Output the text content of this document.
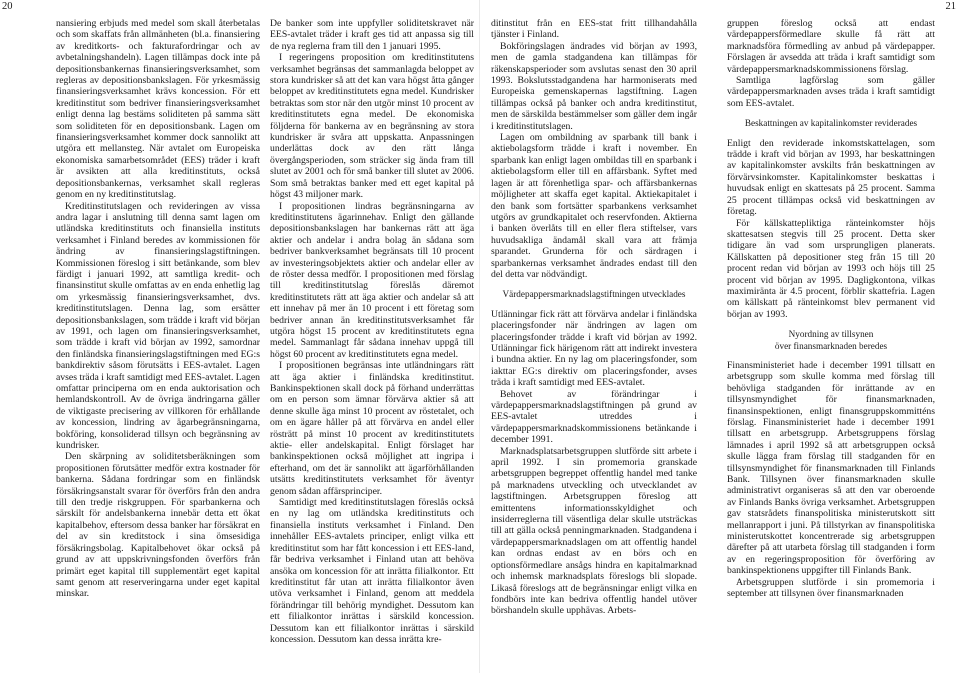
20

nansiering erbjuds med medel som skall återbetalas och som skaffats från allmänheten (bl.a. finansiering av kreditkorts- och fakturafordringar och av avbetalningshandeln). Lagen tillämpas dock inte på depositionsbankernas finansieringsverksamhet, som regleras av depositionsbankslagen. För yrkesmässig finansieringsverksamhet krävs koncession. För ett kreditinstitut som bedriver finansieringsverksamhet enligt denna lag bestäms soliditeten på samma sätt som soliditeten för en depositionsbank. Lagen om finansieringsverksamhet kommer dock sannolikt att utgöra ett mellansteg. När avtalet om Europeiska ekonomiska samarbetsområdet (EES) träder i kraft är avsikten att alla kreditinstituts, också depositionsbankernas, verksamhet skall regleras genom en ny kreditinstitutslag.

Kreditinstitutslagen och revideringen av vissa andra lagar i anslutning till denna samt lagen om utländska kreditinstituts och finansiella instituts verksamhet i Finland beredes av kommissionen för ändring av finansieringslagstiftningen. Kommissionen föreslog i sitt betänkande, som blev färdigt i januari 1992, att samtliga kredit- och finansinstitut skulle omfattas av en enda enhetlig lag om yrkesmässig finansieringsverksamhet, dvs. kreditinstitutslagen. Denna lag, som ersätter depositionsbankslagen, som trädde i kraft vid början av 1991, och lagen om finansieringsverksamhet, som trädde i kraft vid början av 1992, samordnar den finländska finansieringslagstiftningen med EG:s bankdirektiv såsom förutsätts i EES-avtalet. Lagen avses träda i kraft samtidigt med EES-avtalet. Lagen omfattar principerna om en enda auktorisation och hemlandskontroll. Av de övriga ändringarna gäller de viktigaste precisering av villkoren för erhållande av koncession, lindring av ägarbegränsningarna, bokföring, konsoliderad tillsyn och begränsning av kundrisker.

Den skärpning av soliditetsberäkningen som propositionen förutsätter medför extra kostnader för bankerna. Sådana fordringar som en finländsk försäkringsanstalt svarar för överförs från den andra till den tredje riskgruppen. För sparbankerna och särskilt för andelsbankerna innebär detta ett ökat kapitalbehov, eftersom dessa banker har försäkrat en del av sin kreditstock i sina ömsesidiga försäkringsbolag. Kapitalbehovet ökar också på grund av att uppskrivningsfonden överförs från primärt eget kapital till supplementärt eget kapital samt genom att reserveringarna under eget kapital minskar.

De banker som inte uppfyller soliditetskravet när EES-avtalet träder i kraft ges tid att anpassa sig till de nya reglerna fram till den 1 januari 1995.

I regeringens proposition om kreditinstitutens verksamhet begränsas det sammanlagda beloppet av stora kundrisker så att det kan vara högst åtta gånger beloppet av kreditinstitutets egna medel. Kundrisker betraktas som stor när den utgör minst 10 procent av kreditinstitutets egna medel. De ekonomiska följderna för bankerna av en begränsning av stora kundrisker är svåra att uppskatta. Anpassningen underlättas dock av den rätt långa övergångsperioden, som sträcker sig ända fram till slutet av 2001 och för små banker till slutet av 2006. Som små betraktas banker med ett eget kapital på högst 43 miljoner mark.

I propositionen lindras begränsningarna av kreditinstitutens ägarinnehav. Enligt den gällande depositionsbankslagen har bankernas rätt att äga aktier och andelar i andra bolag än sådana som bedriver bankverksamhet begränsats till 10 procent av investeringsobjektets aktier och andelar eller av de röster dessa medför. I propositionen med förslag till kreditinstitutslag föreslås däremot kreditinstitutets rätt att äga aktier och andelar så att ett innehav på mer än 10 procent i ett företag som bedriver annan än kreditinstitutsverksamhet får utgöra högst 15 procent av kreditinstitutets egna medel. Sammanlagt får sådana innehav uppgå till högst 60 procent av kreditinstitutets egna medel.

I propositionen begränsas inte utländningars rätt att äga aktier i finländska kreditinstitut. Bankinspektionen skall dock på förhand underrättas om en person som ämnar förvärva aktier så att denne skulle äga minst 10 procent av röstetalet, och om en ägare håller på att förvärva en andel eller rösträtt på minst 10 procent av kreditinstitutets aktie- eller andelskapital. Enligt förslaget har bankinspektionen också möjlighet att ingripa i efterhand, om det är sannolikt att ägarförhållanden utsätts kreditinstitutets verksamhet för äventyr genom sådan affärsprinciper.

Samtidigt med kreditinstitutslagen föreslås också en ny lag om utländska kreditinstituts och finansiella instituts verksamhet i Finland. Den innehåller EES-avtalets principer, enligt vilka ett kreditinstitut som har fått koncession i ett EES-land, får bedriva verksamhet i Finland utan att behöva ansöka om koncession för att inrätta filialkontor. Ett kreditinstitut får utan att inrätta filialkontor även utöva verksamhet i Finland, genom att meddela förändringar till behörig myndighet. Dessutom kan ett filialkontor inrättas i särskild koncession. Dessutom kan ett filialkontor inrättas i särskild koncession. Dessutom kan dessa inrätta kre-

21

ditinstitut från en EES-stat fritt tillhandahålla tjänster i Finland.

Bokföringslagen ändrades vid början av 1993, men de gamla stadgandena kan tillämpas för räkenskapsperioder som avslutas senast den 30 april 1993. Bokslutsstadgandena har harmoniserats med Europeiska gemenskapernas lagstiftning. Lagen tillämpas också på banker och andra kreditinstitut, men de särskilda bestämmelser som gäller dem ingår i kreditinstitutslagen.

Lagen om ombildning av sparbank till bank i aktiebolagsform trädde i kraft i november. En sparbank kan enligt lagen ombildas till en sparbank i aktiebolagsform eller till en affärsbank. Syftet med lagen är att förenhetliga spar- och affärsbankernas möjligheter att skaffa eget kapital. Aktiekapitalet i den bank som fortsätter sparbankens verksamhet utgörs av grundkapitalet och reservfonden. Aktierna i banken överlåts till en eller flera stiftelser, vars huvudsakliga ändamål skall vara att främja sparandet. Grunderna för och särdragen i sparbankernas verksamhet ändrades endast till den del detta var nödvändigt.

Värdepappersmarknadslagstiftningen utvecklades

Utlänningar fick rätt att förvärva andelar i finländska placeringsfonder när ändringen av lagen om placeringsfonder trädde i kraft vid början av 1992. Utlänningar fick härigenom rätt att indirekt investera i bundna aktier. En ny lag om placeringsfonder, som iakttar EG:s direktiv om placeringsfonder, avses träda i kraft samtidigt med EES-avtalet.

Behovet av förändringar i värdepappersmarknadslagstiftningen på grund av EES-avtalet utreddes i värdepappersmarknadskommissionens betänkande i december 1991.

Marknadsplatsarbetsgruppen slutförde sitt arbete i april 1992. I sin promemoria granskade arbetsgruppen begreppet offentlig handel med tanke på marknadens utveckling och utvecklandet av lagstiftningen. Arbetsgruppen föreslog att emittentens informationsskyldighet och insiderreglerna till väsentliga delar skulle utsträckas till att gälla också penningmarknaden. Stadgandena i värdepappersmarknadslagen om att offentlig handel kan ordnas endast av en börs och en optionsförmedlare ansågs hindra en kapitalmarknad och inhemsk marknadsplats föreslogs bli slopade. Likaså föreslogs att de begränsningar enligt vilka en fondbörs inte kan bedriva offentlig handel utöver börshandeln skulle upphävas. Arbets-

gruppen föreslog också att endast värdepappersförmedlare skulle få rätt att marknadsföra förmedling av anbud på värdepapper. Förslagen är avsedda att träda i kraft samtidigt som värdepappersmarknadskommissionens förslag.

Samtliga lagförslag som gäller värdepappersmarknaden avses träda i kraft samtidigt som EES-avtalet.

Beskattningen av kapitalinkomster reviderades

Enligt den reviderade inkomstskattelagen, som trädde i kraft vid början av 1993, har beskattningen av kapitalinkomster avskilts från beskattningen av förvärvsinkomster. Kapitalinkomster beskattas i huvudsak enligt en skattesats på 25 procent. Samma 25 procent tillämpas också vid beskattningen av företag.

För källskattepliktiga ränteinkomster höjs skattesatsen stegvis till 25 procent. Detta sker tidigare än vad som ursprungligen planerats. Källskatten på depositioner steg från 15 till 20 procent redan vid början av 1993 och höjs till 25 procent vid början av 1995. Dagligkontona, vilkas maximiränta är 4.5 procent, förblir skattefria. Lagen om källskatt på ränteinkomst blev permanent vid början av 1993.

Nyordning av tillsynen

över finansmarknaden beredes

Finansministeriet hade i december 1991 tillsatt en arbetsgrupp som skulle komma med förslag till behövliga stadganden för inrättande av en tillsynsmyndighet för finansmarknaden, finansinspektionen, enligt finansgruppskommitténs förslag. Finansministeriet hade i december 1991 tillsatt en arbetsgrupp. Arbetsgruppens förslag lämnades i april 1992 så att arbetsgruppen också skulle lägga fram förslag till stadganden för en tillsynsmyndighet för finansmarknaden till Finlands Bank. Tillsynen över finansmarknaden skulle administrativt organiseras så att den var oberoende av Finlands Banks övriga verksamhet. Arbetsgruppen gav statsrådets finanspolitiska ministerutskott sitt mellanrapport i juni. På tillstyrkan av finanspolitiska ministerutskottet koncentrerade sig arbetsgruppen därefter på att utarbeta förslag till stadganden i form av en regeringsproposition för överföring av bankinspektionens uppgifter till Finlands Bank.

Arbetsgruppen slutförde i sin promemoria i september att tillsynen över finansmarknaden
